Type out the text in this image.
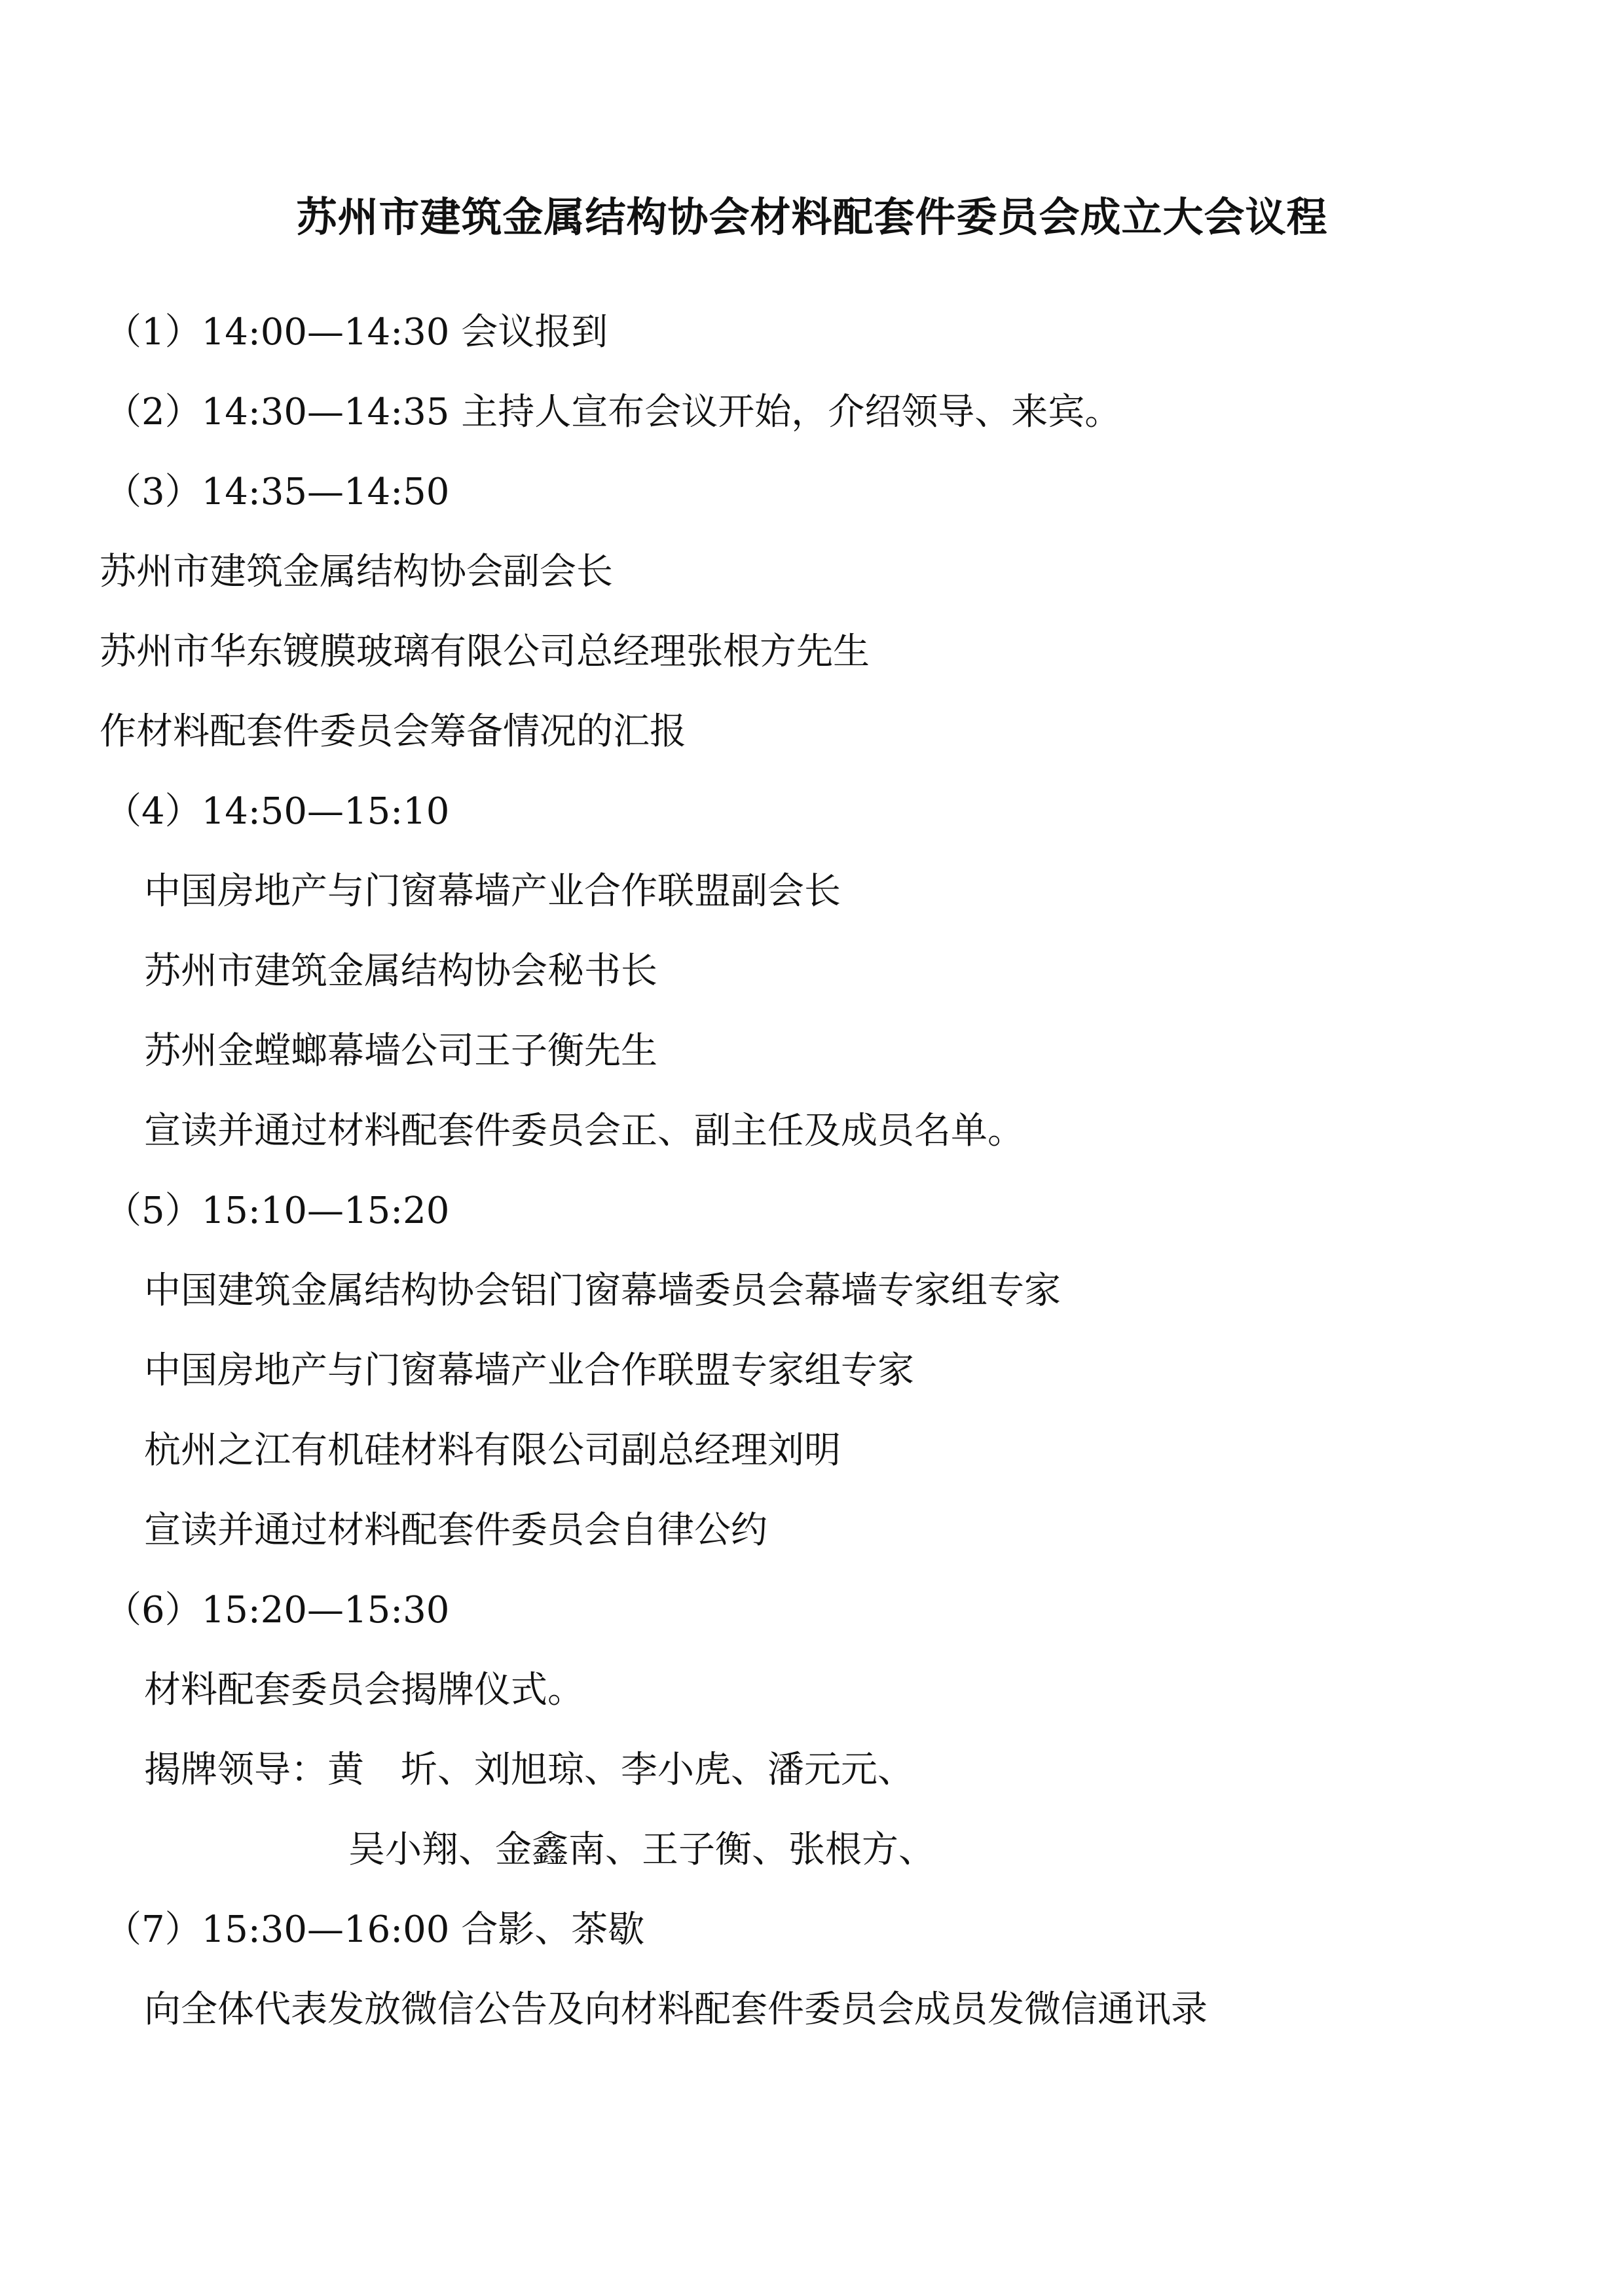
苏州市建筑金属结构协会材料配套件委员会成立大会议程
（1）14:00—14:30 会议报到
（2）14:30—14:35 主持人宣布会议开始，介绍领导、来宾。
（3）14:35—14:50
苏州市建筑金属结构协会副会长
苏州市华东镀膜玻璃有限公司总经理张根方先生
作材料配套件委员会筹备情况的汇报
（4）14:50—15:10
中国房地产与门窗幕墙产业合作联盟副会长
苏州市建筑金属结构协会秘书长
苏州金螳螂幕墙公司王子衡先生
宣读并通过材料配套件委员会正、副主任及成员名单。
（5）15:10—15:20
中国建筑金属结构协会铝门窗幕墙委员会幕墙专家组专家
中国房地产与门窗幕墙产业合作联盟专家组专家
杭州之江有机硅材料有限公司副总经理刘明
宣读并通过材料配套件委员会自律公约
（6）15:20—15:30
材料配套委员会揭牌仪式。
揭牌领导：黄　圻、刘旭琼、李小虎、潘元元、
吴小翔、金鑫南、王子衡、张根方、
（7）15:30—16:00 合影、茶歇
向全体代表发放微信公告及向材料配套件委员会成员发微信通讯录
